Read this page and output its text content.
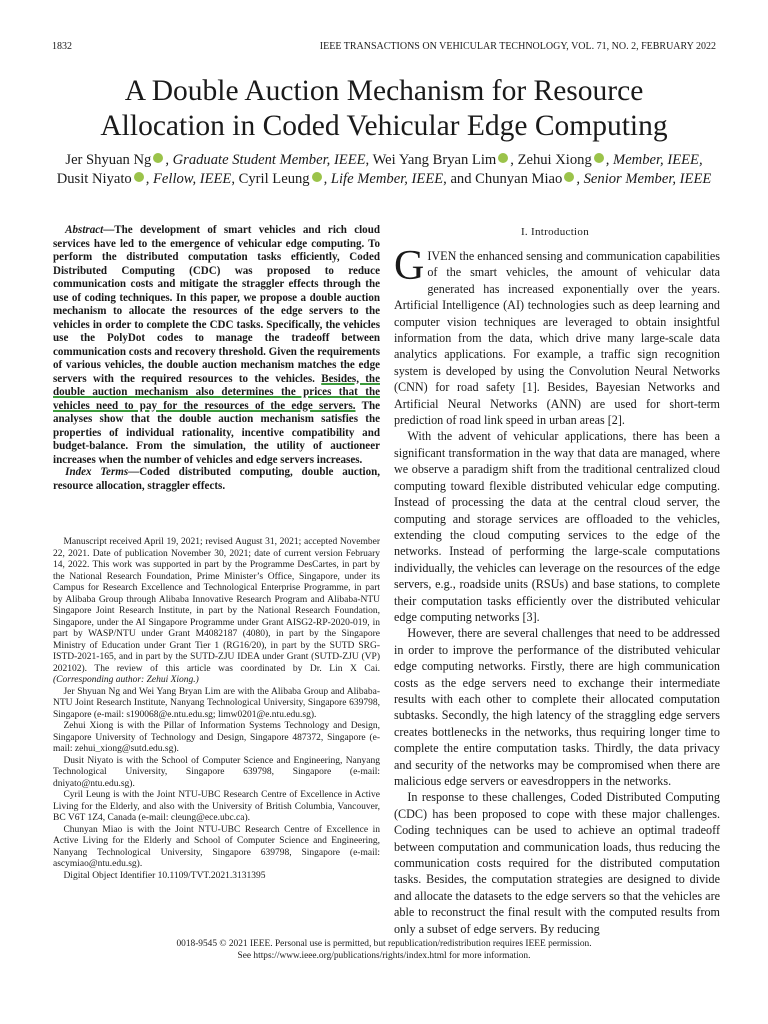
1832	IEEE TRANSACTIONS ON VEHICULAR TECHNOLOGY, VOL. 71, NO. 2, FEBRUARY 2022
A Double Auction Mechanism for Resource
Allocation in Coded Vehicular Edge Computing
Jer Shyuan Ng , Graduate Student Member, IEEE, Wei Yang Bryan Lim , Zehui Xiong , Member, IEEE,
Dusit Niyato , Fellow, IEEE, Cyril Leung , Life Member, IEEE, and Chunyan Miao , Senior Member, IEEE

Abstract—The development of smart vehicles and rich cloud services have led to the emergence of vehicular edge computing. To perform the distributed computation tasks efficiently, Coded Distributed Computing (CDC) was proposed to reduce communication costs and mitigate the straggler effects through the use of coding techniques. In this paper, we propose a double auction mechanism to allocate the resources of the edge servers to the vehicles in order to complete the CDC tasks. Specifically, the vehicles use the PolyDot codes to manage the tradeoff between communication costs and recovery threshold. Given the requirements of various vehicles, the double auction mechanism matches the edge servers with the required resources to the vehicles. Besides, the double auction mechanism also determines the prices that the vehicles need to pay for the resources of the edge servers. The analyses show that the double auction mechanism satisfies the properties of individual rationality, incentive compatibility and budget-balance. From the simulation, the utility of auctioneer increases when the number of vehicles and edge servers increases.

Index Terms—Coded distributed computing, double auction, resource allocation, straggler effects.

Manuscript received April 19, 2021; revised August 31, 2021; accepted November 22, 2021. Date of publication November 30, 2021; date of current version February 14, 2022. This work was supported in part by the Programme DesCartes, in part by the National Research Foundation, Prime Minister’s Office, Singapore, under its Campus for Research Excellence and Technological Enterprise Programme, in part by Alibaba Group through Alibaba Innovative Research Program and Alibaba-NTU Singapore Joint Research Institute, in part by the National Research Foundation, Singapore, under the AI Singapore Programme under Grant AISG2-RP-2020-019, in part by WASP/NTU under Grant M4082187 (4080), in part by the Singapore Ministry of Education under Grant Tier 1 (RG16/20), in part by the SUTD SRG-ISTD-2021-165, and in part by the SUTD-ZJU IDEA under Grant (SUTD-ZJU (VP) 202102). The review of this article was coordinated by Dr. Lin X Cai. (Corresponding author: Zehui Xiong.)

Jer Shyuan Ng and Wei Yang Bryan Lim are with the Alibaba Group and Alibaba-NTU Joint Research Institute, Nanyang Technological University, Singapore 639798, Singapore (e-mail: s190068@e.ntu.edu.sg; limw0201@e.ntu.edu.sg).

Zehui Xiong is with the Pillar of Information Systems Technology and Design, Singapore University of Technology and Design, Singapore 487372, Singapore (e-mail: zehui_xiong@sutd.edu.sg).

Dusit Niyato is with the School of Computer Science and Engineering, Nanyang Technological University, Singapore 639798, Singapore (e-mail: dniyato@ntu.edu.sg).

Cyril Leung is with the Joint NTU-UBC Research Centre of Excellence in Active Living for the Elderly, and also with the University of British Columbia, Vancouver, BC V6T 1Z4, Canada (e-mail: cleung@ece.ubc.ca).

Chunyan Miao is with the Joint NTU-UBC Research Centre of Excellence in Active Living for the Elderly and School of Computer Science and Engineering, Nanyang Technological University, Singapore 639798, Singapore (e-mail: ascymiao@ntu.edu.sg).

Digital Object Identifier 10.1109/TVT.2021.3131395

I. Introduction

GIVEN the enhanced sensing and communication capabilities of the smart vehicles, the amount of vehicular data generated has increased exponentially over the years. Artificial Intelligence (AI) technologies such as deep learning and computer vision techniques are leveraged to obtain insightful information from the data, which drive many large-scale data analytics applications. For example, a traffic sign recognition system is developed by using the Convolution Neural Networks (CNN) for road safety [1]. Besides, Bayesian Networks and Artificial Neural Networks (ANN) are used for short-term prediction of road link speed in urban areas [2].

With the advent of vehicular applications, there has been a significant transformation in the way that data are managed, where we observe a paradigm shift from the traditional centralized cloud computing toward flexible distributed vehicular edge computing. Instead of processing the data at the central cloud server, the computing and storage services are offloaded to the vehicles, extending the cloud computing services to the edge of the networks. Instead of performing the large-scale computations individually, the vehicles can leverage on the resources of the edge servers, e.g., roadside units (RSUs) and base stations, to complete their computation tasks efficiently over the distributed vehicular edge computing networks [3].

However, there are several challenges that need to be addressed in order to improve the performance of the distributed vehicular edge computing networks. Firstly, there are high communication costs as the edge servers need to exchange their intermediate results with each other to complete their allocated computation subtasks. Secondly, the high latency of the straggling edge servers creates bottlenecks in the networks, thus requiring longer time to complete the entire computation tasks. Thirdly, the data privacy and security of the networks may be compromised when there are malicious edge servers or eavesdroppers in the networks.

In response to these challenges, Coded Distributed Computing (CDC) has been proposed to cope with these major challenges. Coding techniques can be used to achieve an optimal tradeoff between computation and communication loads, thus reducing the communication costs required for the distributed computation tasks. Besides, the computation strategies are designed to divide and allocate the datasets to the edge servers so that the vehicles are able to reconstruct the final result with the computed results from only a subset of edge servers. By reducing

0018-9545 © 2021 IEEE. Personal use is permitted, but republication/redistribution requires IEEE permission.
See https://www.ieee.org/publications/rights/index.html for more information.
